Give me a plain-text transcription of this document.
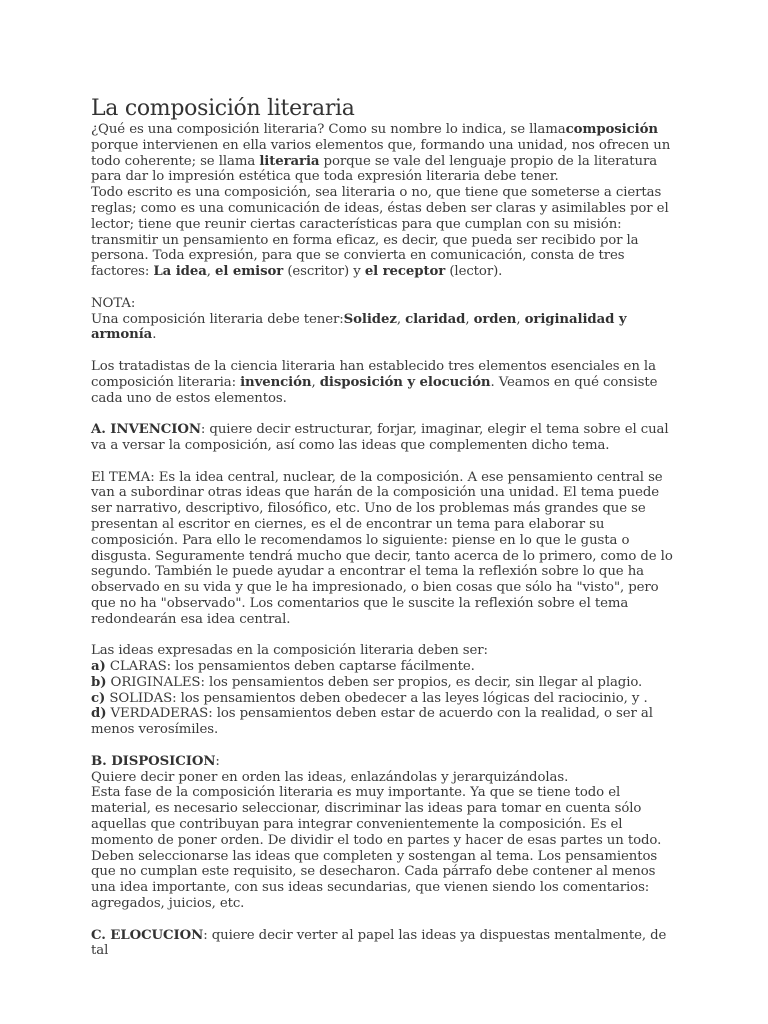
La composición literaria

¿Qué es una composición literaria? Como su nombre lo indica, se llamacomposición porque intervienen en ella varios elementos que, formando una unidad, nos ofrecen un todo coherente; se llama literaria porque se vale del lenguaje propio de la literatura para dar lo impresión estética que toda expresión literaria debe tener.

Todo escrito es una composición, sea literaria o no, que tiene que someterse a ciertas reglas; como es una comunicación de ideas, éstas deben ser claras y asimilables por el lector; tiene que reunir ciertas características para que cumplan con su misión: transmitir un pensamiento en forma eficaz, es decir, que pueda ser recibido por la persona. Toda expresión, para que se convierta en comunicación, consta de tres factores: La idea, el emisor (escritor) y el receptor (lector).

NOTA:

Una composición literaria debe tener:Solidez, claridad, orden, originalidad y armonía.

Los tratadistas de la ciencia literaria han establecido tres elementos esenciales en la composición literaria: invención, disposición y elocución. Veamos en qué consiste cada uno de estos elementos.

A. INVENCION: quiere decir estructurar, forjar, imaginar, elegir el tema sobre el cual va a versar la composición, así como las ideas que complementen dicho tema.

El TEMA: Es la idea central, nuclear, de la composición. A ese pensamiento central se van a subordinar otras ideas que harán de la composición una unidad. El tema puede ser narrativo, descriptivo, filosófico, etc. Uno de los problemas más grandes que se presentan al escritor en ciernes, es el de encontrar un tema para elaborar su composición. Para ello le recomendamos lo siguiente: piense en lo que le gusta o disgusta. Seguramente tendrá mucho que decir, tanto acerca de lo primero, como de lo segundo. También le puede ayudar a encontrar el tema la reflexión sobre lo que ha observado en su vida y que le ha impresionado, o bien cosas que sólo ha "visto", pero que no ha "observado". Los comentarios que le suscite la reflexión sobre el tema redondearán esa idea central.

Las ideas expresadas en la composición literaria deben ser:

a) CLARAS: los pensamientos deben captarse fácilmente.

b) ORIGINALES: los pensamientos deben ser propios, es decir, sin llegar al plagio.

c) SOLIDAS: los pensamientos deben obedecer a las leyes lógicas del raciocinio, y .

d) VERDADERAS: los pensamientos deben estar de acuerdo con la realidad, o ser al menos verosímiles.

B. DISPOSICION:

Quiere decir poner en orden las ideas, enlazándolas y jerarquizándolas.

Esta fase de la composición literaria es muy importante. Ya que se tiene todo el material, es necesario seleccionar, discriminar las ideas para tomar en cuenta sólo aquellas que contribuyan para integrar convenientemente la composición. Es el momento de poner orden. De dividir el todo en partes y hacer de esas partes un todo. Deben seleccionarse las ideas que completen y sostengan al tema. Los pensamientos que no cumplan este requisito, se desecharon. Cada párrafo debe contener al menos una idea importante, con sus ideas secundarias, que vienen siendo los comentarios: agregados, juicios, etc.

C. ELOCUCION: quiere decir verter al papel las ideas ya dispuestas mentalmente, de tal
